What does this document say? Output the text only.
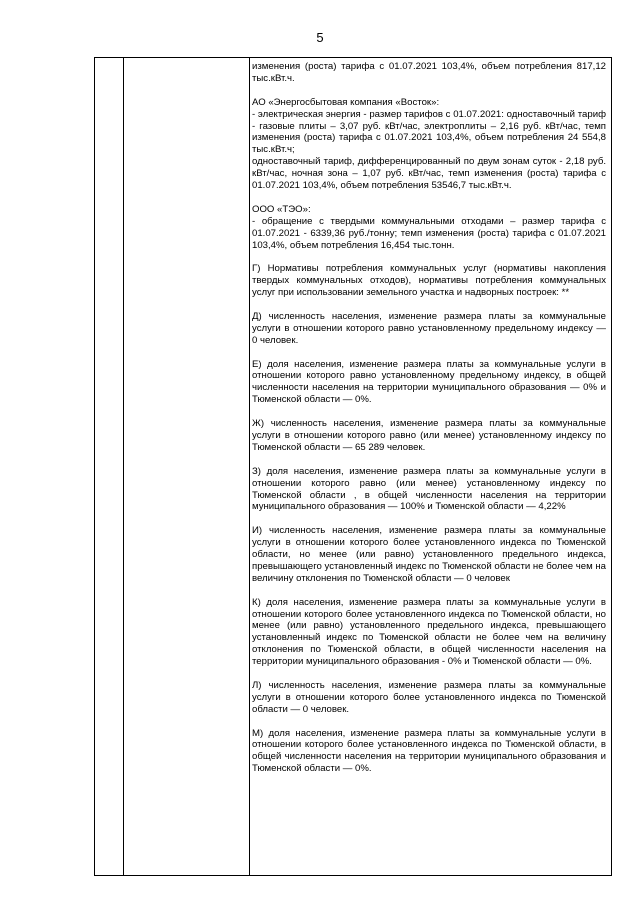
5

изменения (роста) тарифа с 01.07.2021 103,4%, объем потребления 817,12 тыс.кВт.ч.

АО «Энергосбытовая компания «Восток»:

- электрическая энергия - размер тарифов с 01.07.2021: одноставочный тариф - газовые плиты – 3,07 руб. кВт/час, электроплиты – 2,16 руб. кВт/час, темп изменения (роста) тарифа с 01.07.2021 103,4%, объем потребления 24 554,8 тыс.кВт.ч;

одноставочный тариф, дифференцированный по двум зонам суток - 2,18 руб. кВт/час, ночная зона – 1,07 руб. кВт/час, темп изменения (роста) тарифа с 01.07.2021 103,4%, объем потребления 53546,7 тыс.кВт.ч.

ООО «ТЭО»:

- обращение с твердыми коммунальными отходами – размер тарифа с 01.07.2021 - 6339,36 руб./тонну; темп изменения (роста) тарифа с 01.07.2021 103,4%, объем потребления 16,454 тыс.тонн.

Г) Нормативы потребления коммунальных услуг (нормативы накопления твердых коммунальных отходов), нормативы потребления коммунальных услуг при использовании земельного участка и надворных построек: **

Д) численность населения, изменение размера платы за коммунальные услуги в отношении которого равно установленному предельному индексу — 0 человек.

Е) доля населения, изменение размера платы за коммунальные услуги в отношении которого равно установленному предельному индексу, в общей численности населения на территории муниципального образования — 0% и Тюменской области — 0%.

Ж) численность населения, изменение размера платы за коммунальные услуги в отношении которого равно (или менее) установленному индексу по Тюменской области — 65 289 человек.

З) доля населения, изменение размера платы за коммунальные услуги в отношении которого равно (или менее) установленному индексу по Тюменской области , в общей численности населения на территории муниципального образования — 100% и Тюменской области — 4,22%

И) численность населения, изменение размера платы за коммунальные услуги в отношении которого более установленного индекса по Тюменской области, но менее (или равно) установленного предельного индекса, превышающего установленный индекс по Тюменской области не более чем на величину отклонения по Тюменской области — 0 человек

К) доля населения, изменение размера платы за коммунальные услуги в отношении которого более установленного индекса по Тюменской области, но менее (или равно) установленного предельного индекса, превышающего установленный индекс по Тюменской области не более чем на величину отклонения по Тюменской области, в общей численности населения на территории муниципального образования - 0% и Тюменской области — 0%.

Л) численность населения, изменение размера платы за коммунальные услуги в отношении которого более установленного индекса по Тюменской области — 0 человек.

М) доля населения, изменение размера платы за коммунальные услуги в отношении которого более установленного индекса по Тюменской области, в общей численности населения на территории муниципального образования и Тюменской области — 0%.
